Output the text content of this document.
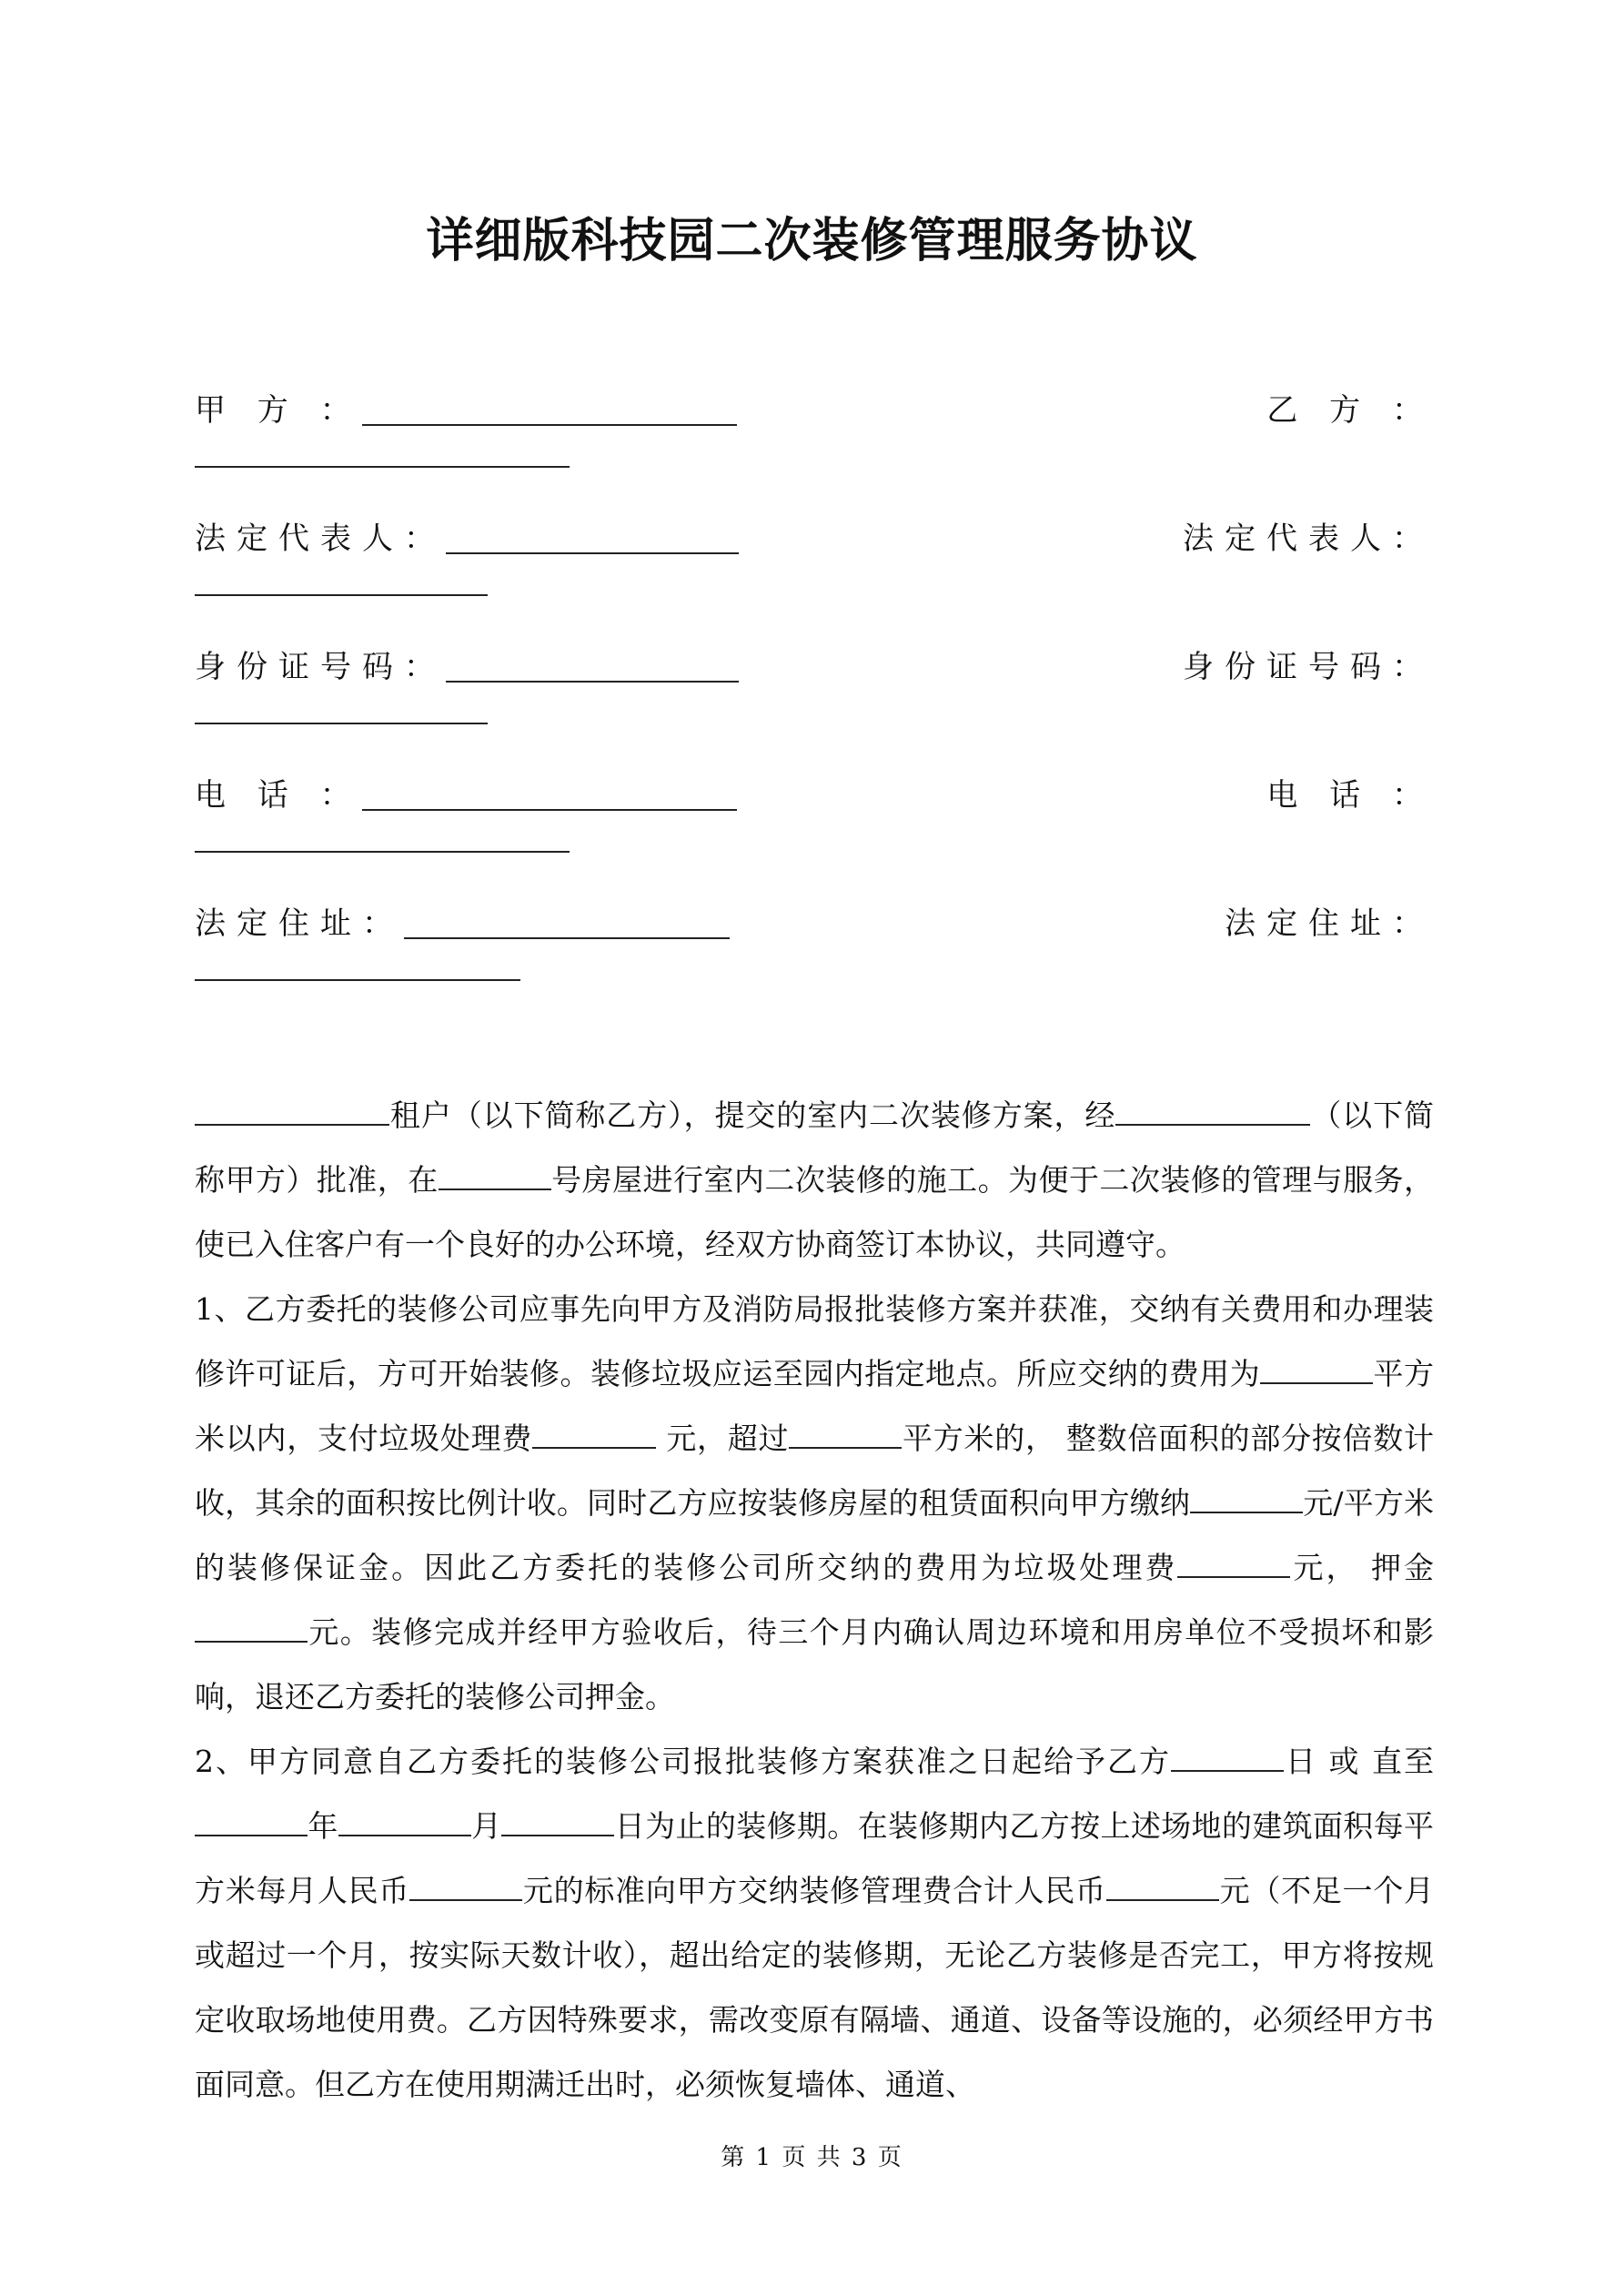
详细版科技园二次装修管理服务协议
甲 方 ：	乙 方 ：
法定代表人：	法定代表人：
身份证号码：	身份证号码：
电 话 ：	电 话 ：
法定住址：	法定住址：

租户（以下简称乙方），提交的室内二次装修方案，经	（以下简称甲方）批准，在	号房屋进行室内二次装修的施工。为便于二次装修的管理与服务，使已入住客户有一个良好的办公环境，经双方协商签订本协议，共同遵守。

1、乙方委托的装修公司应事先向甲方及消防局报批装修方案并获准，交纳有关费用和办理装修许可证后，方可开始装修。装修垃圾应运至园内指定地点。所应交纳的费用为	平方米以内，支付垃圾处理费	元，超过	平方米的， 整数倍面积的部分按倍数计收，其余的面积按比例计收。同时乙方应按装修房屋的租赁面积向甲方缴纳	元/平方米的装修保证金。因此乙方委托的装修公司所交纳的费用为垃圾处理费	元， 押金元。装修完成并经甲方验收后，待三个月内确认周边环境和用房单位不受损坏和影响，退还乙方委托的装修公司押金。

2、甲方同意自乙方委托的装修公司报批装修方案获准之日起给予乙方	日 或 直至年	月	日为止的装修期。在装修期内乙方按上述场地的建筑面积每平方米每月人民币	元的标准向甲方交纳装修管理费合计人民币	元（不足一个月或超过一个月，按实际天数计收），超出给定的装修期，无论乙方装修是否完工，甲方将按规定收取场地使用费。乙方因特殊要求，需改变原有隔墙、通道、设备等设施的，必须经甲方书面同意。但乙方在使用期满迁出时，必须恢复墙体、通道、

第 1 页 共 3 页
